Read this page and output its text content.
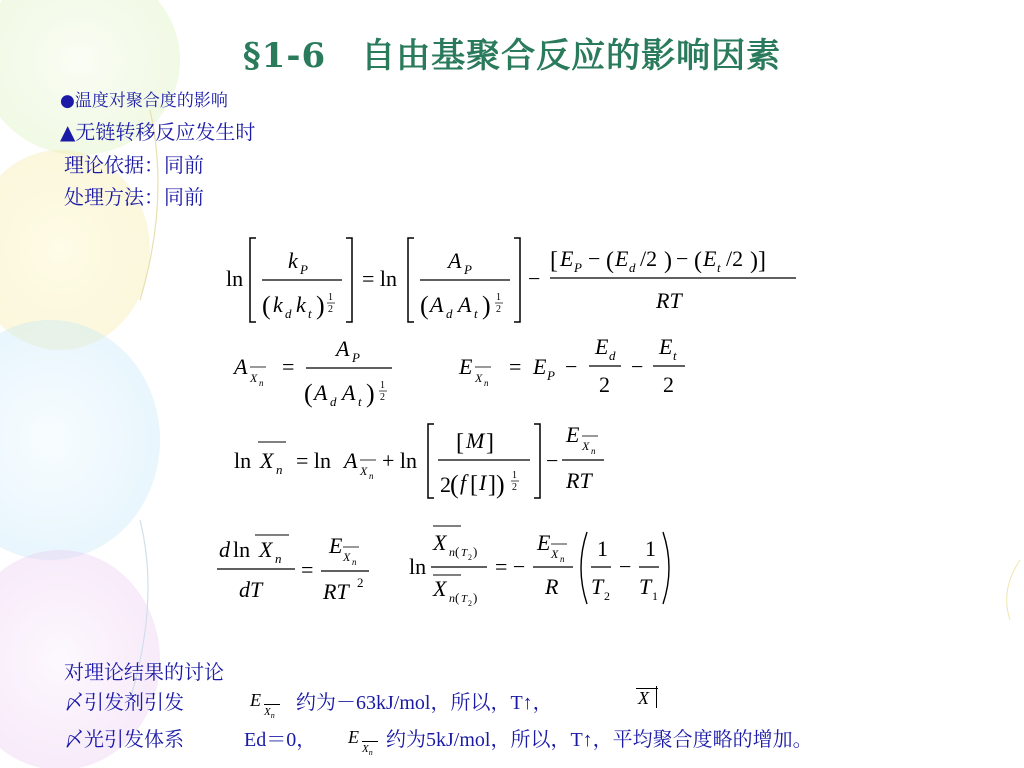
§1-6　自由基聚合反应的影响因素
●温度对聚合度的影响
▲无链转移反应发生时
理论依据：同前
处理方法：同前
ln
k P
( k d k t ) 1
2
= ln
A P
( A d A t ) 1
2
−
[ E P − ( E d /2 ) − ( E t /2 )]
RT
A X n
=
A P
( A d A t ) 1
2
E X n
= E P −
E d
2
−
E t
2
ln X n = ln A X n
+ ln
[ M ]
2 ( f [ I ] ) 1
2
−
E X n
RT
d ln X n
dT
=
E X n
RT 2
ln
X n ( T 2 )
X n ( T 2 )
= −
E X n
R
1
T 2
−
1
T 1
对理论结果的讨论
〆引发剂引发	E
$X_n$
约为－63kJ/mol，所以，T↑，	X
〆光引发体系	Ed＝0， E
$X_n$
约为5kJ/mol，所以，T↑，平均聚合度略的增加。
